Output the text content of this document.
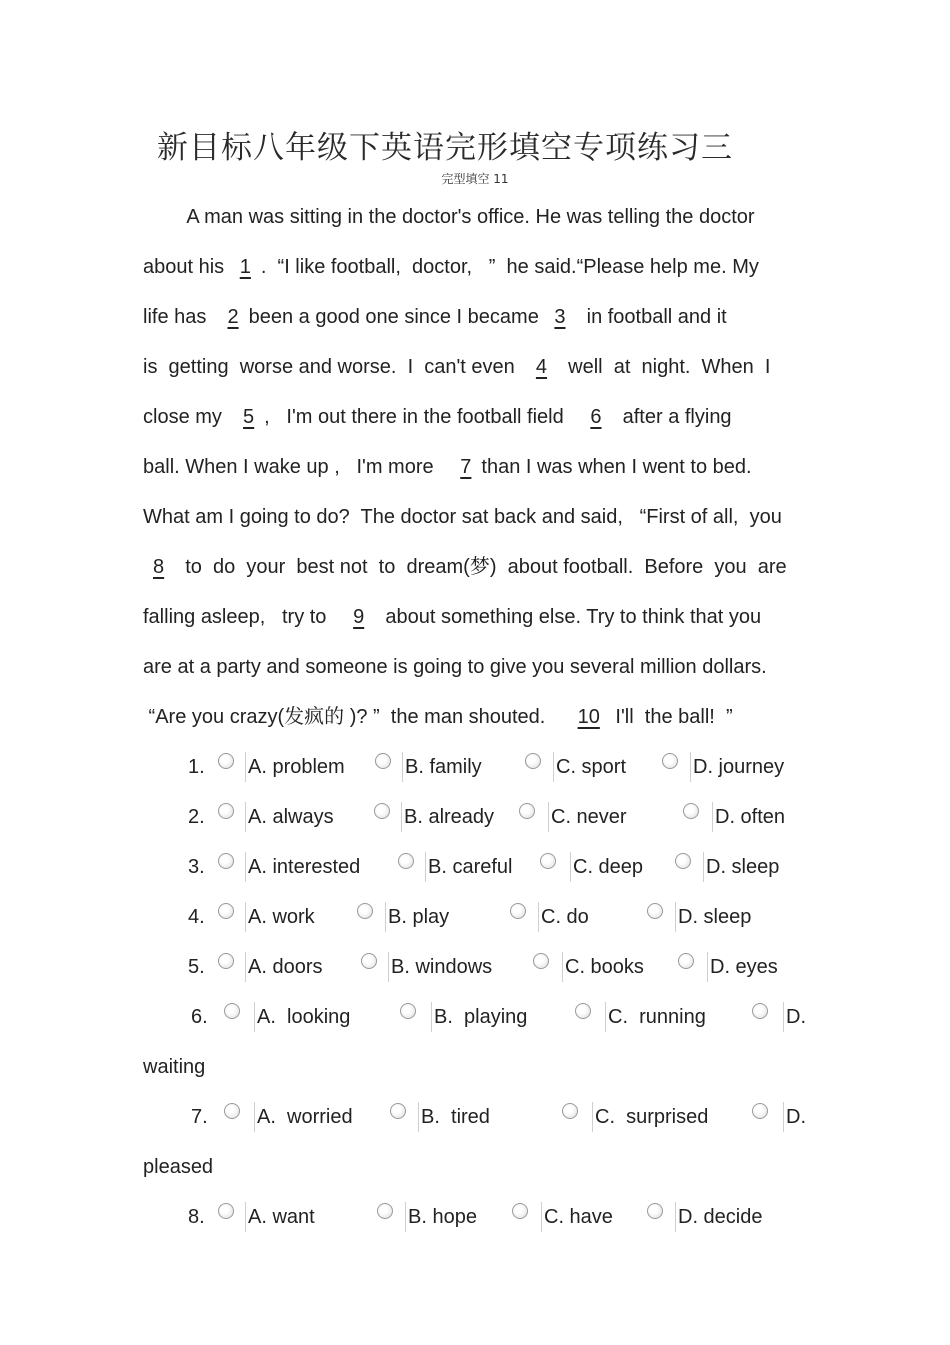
新目标八年级下英语完形填空专项练习三
完型填空 11
A man was sitting in the doctor's office. He was telling the doctor
about his 1 .  “I like football,  doctor,   ”  he said.“Please help me. My
life has  2 been a good one since I became 3  in football and it
is  getting  worse and worse.  I  can't even  4  well  at  night.  When  I
close my  5 ,   I'm out there in the football field   6  after a flying
ball. When I wake up ,   I'm more   7 than I was when I went to bed.
What am I going to do?  The doctor sat back and said,   “First of all,  you
8  to  do  your  best not  to  dream(梦)  about football.  Before  you  are
falling asleep,   try to   9  about something else. Try to think that you
are at a party and someone is going to give you several million dollars.
“Are you crazy(发疯的 )? ”  the man shouted.    10 I'll  the ball!  ”
1. A. problem	B. family	C. sport	D. journey
2. A. always	B. already	C. never	D. often
3. A. interested	B. careful	C. deep	D. sleep
4. A. work	B. play	C. do	D. sleep
5. A. doors	B. windows	C. books	D. eyes
6. A.  looking	B.  playing	C.  running	D.
waiting
7. A.  worried	B.  tired	C.  surprised	D.
pleased
8. A. want	B. hope	C. have	D. decide
